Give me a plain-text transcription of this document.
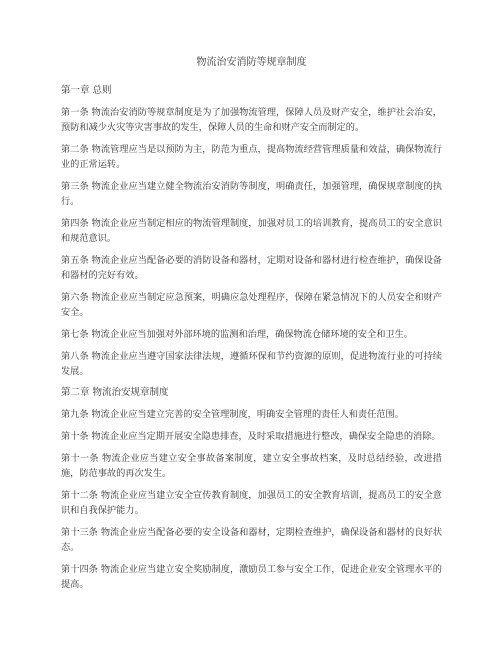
物流治安消防等规章制度
第一章 总则

第一条 物流治安消防等规章制度是为了加强物流管理，保障人员及财产安全，维护社会治安，预防和减少火灾等灾害事故的发生，保障人员的生命和财产安全而制定的。

第二条 物流管理应当是以预防为主，防范为重点，提高物流经营管理质量和效益，确保物流行业的正常运转。

第三条 物流企业应当建立健全物流治安消防等制度，明确责任，加强管理，确保规章制度的执行。

第四条 物流企业应当制定相应的物流管理制度，加强对员工的培训教育，提高员工的安全意识和规范意识。

第五条 物流企业应当配备必要的消防设备和器材，定期对设备和器材进行检查维护，确保设备和器材的完好有效。

第六条 物流企业应当制定应急预案，明确应急处理程序，保障在紧急情况下的人员安全和财产安全。

第七条 物流企业应当加强对外部环境的监测和治理，确保物流仓储环境的安全和卫生。

第八条 物流企业应当遵守国家法律法规，遵循环保和节约资源的原则，促进物流行业的可持续发展。

第二章 物流治安规章制度

第九条 物流企业应当建立完善的安全管理制度，明确安全管理的责任人和责任范围。

第十条 物流企业应当定期开展安全隐患排查，及时采取措施进行整改，确保安全隐患的消除。

第十一条 物流企业应当建立安全事故备案制度，建立安全事故档案，及时总结经验，改进措施，防范事故的再次发生。

第十二条 物流企业应当建立安全宣传教育制度，加强员工的安全教育培训，提高员工的安全意识和自我保护能力。

第十三条 物流企业应当配备必要的安全设备和器材，定期检查维护，确保设备和器材的良好状态。

第十四条 物流企业应当建立安全奖励制度，激励员工参与安全工作，促进企业安全管理水平的提高。
